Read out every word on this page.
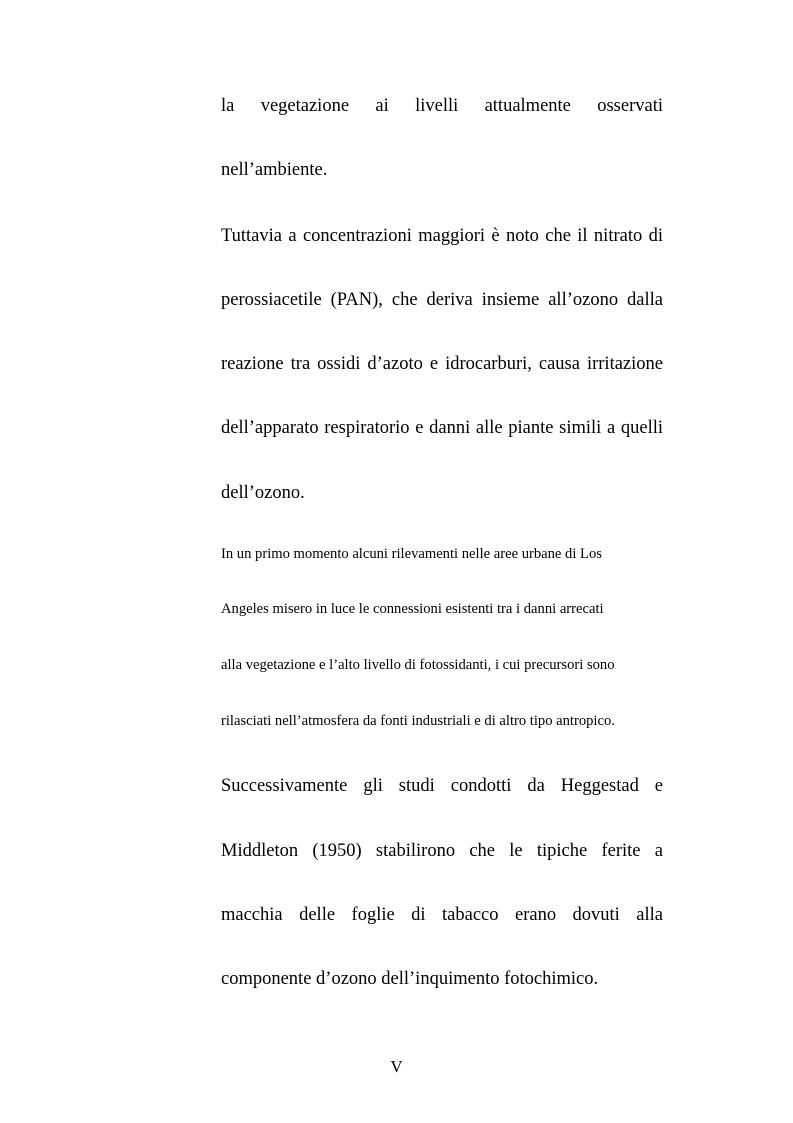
la vegetazione ai livelli attualmente osservati

nell’ambiente.

Tuttavia a concentrazioni maggiori è noto che il nitrato di

perossiacetile (PAN), che deriva insieme all’ozono dalla

reazione tra ossidi d’azoto e idrocarburi, causa irritazione

dell’apparato respiratorio e danni alle piante simili a quelli

dell’ozono.

In un primo momento alcuni rilevamenti nelle aree urbane di Los

Angeles misero in luce le connessioni esistenti tra i danni arrecati

alla vegetazione e l’alto livello di fotossidanti, i cui precursori sono

rilasciati nell’atmosfera da fonti industriali e di altro tipo antropico.

Successivamente gli studi condotti da Heggestad e

Middleton (1950) stabilirono che le tipiche ferite a

macchia delle foglie di tabacco erano dovuti alla

componente d’ozono dell’inquimento fotochimico.

V
